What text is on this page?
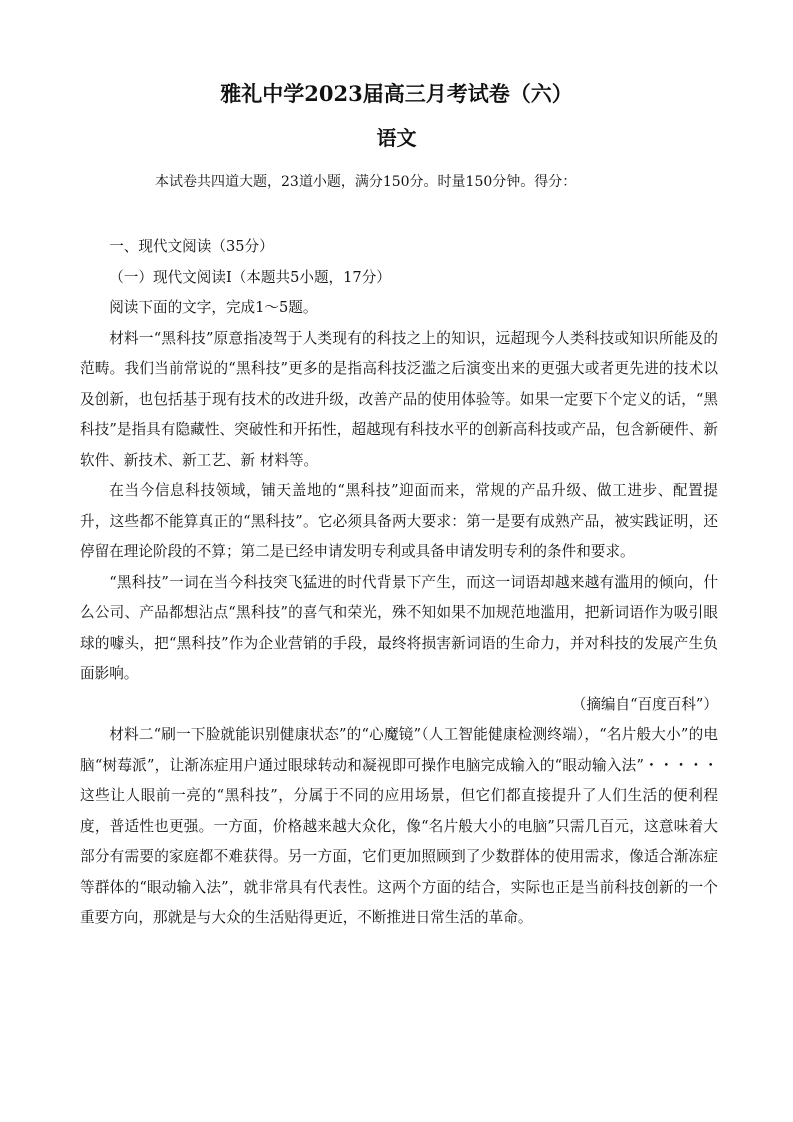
雅礼中学2023届高三月考试卷（六）
语文

本试卷共四道大题，23道小题，满分150分。时量150分钟。得分：

一、现代文阅读（35分）

（一）现代文阅读I（本题共5小题，17分）

阅读下面的文字，完成1～5题。

材料一“黑科技”原意指凌驾于人类现有的科技之上的知识，远超现今人类科技或知识所能及的范畴。我们当前常说的“黑科技”更多的是指高科技泛滥之后演变出来的更强大或者更先进的技术以及创新，也包括基于现有技术的改进升级，改善产品的使用体验等。如果一定要下个定义的话，“黑科技”是指具有隐藏性、突破性和开拓性，超越现有科技水平的创新高科技或产品，包含新硬件、新软件、新技术、新工艺、新 材料等。

在当今信息科技领域，铺天盖地的“黑科技”迎面而来，常规的产品升级、做工进步、配置提升，这些都不能算真正的“黑科技”。它必须具备两大要求：第一是要有成熟产品，被实践证明，还停留在理论阶段的不算；第二是已经申请发明专利或具备申请发明专利的条件和要求。

“黑科技”一词在当今科技突飞猛进的时代背景下产生，而这一词语却越来越有滥用的倾向，什么公司、产品都想沾点“黑科技”的喜气和荣光，殊不知如果不加规范地滥用，把新词语作为吸引眼球的噱头，把“黑科技”作为企业营销的手段，最终将损害新词语的生命力，并对科技的发展产生负面影响。

（摘编自“百度百科”）

材料二“刷一下脸就能识别健康状态”的“心魔镜”（人工智能健康检测终端），“名片般大小”的电脑“树莓派”，让渐冻症用户通过眼球转动和凝视即可操作电脑完成输入的“眼动输入法”・・・・・这些让人眼前一亮的“黑科技”，分属于不同的应用场景，但它们都直接提升了人们生活的便利程度，普适性也更强。一方面，价格越来越大众化，像“名片般大小的电脑”只需几百元，这意味着大部分有需要的家庭都不难获得。另一方面，它们更加照顾到了少数群体的使用需求，像适合渐冻症等群体的“眼动输入法”，就非常具有代表性。这两个方面的结合，实际也正是当前科技创新的一个重要方向，那就是与大众的生活贴得更近，不断推进日常生活的革命。
